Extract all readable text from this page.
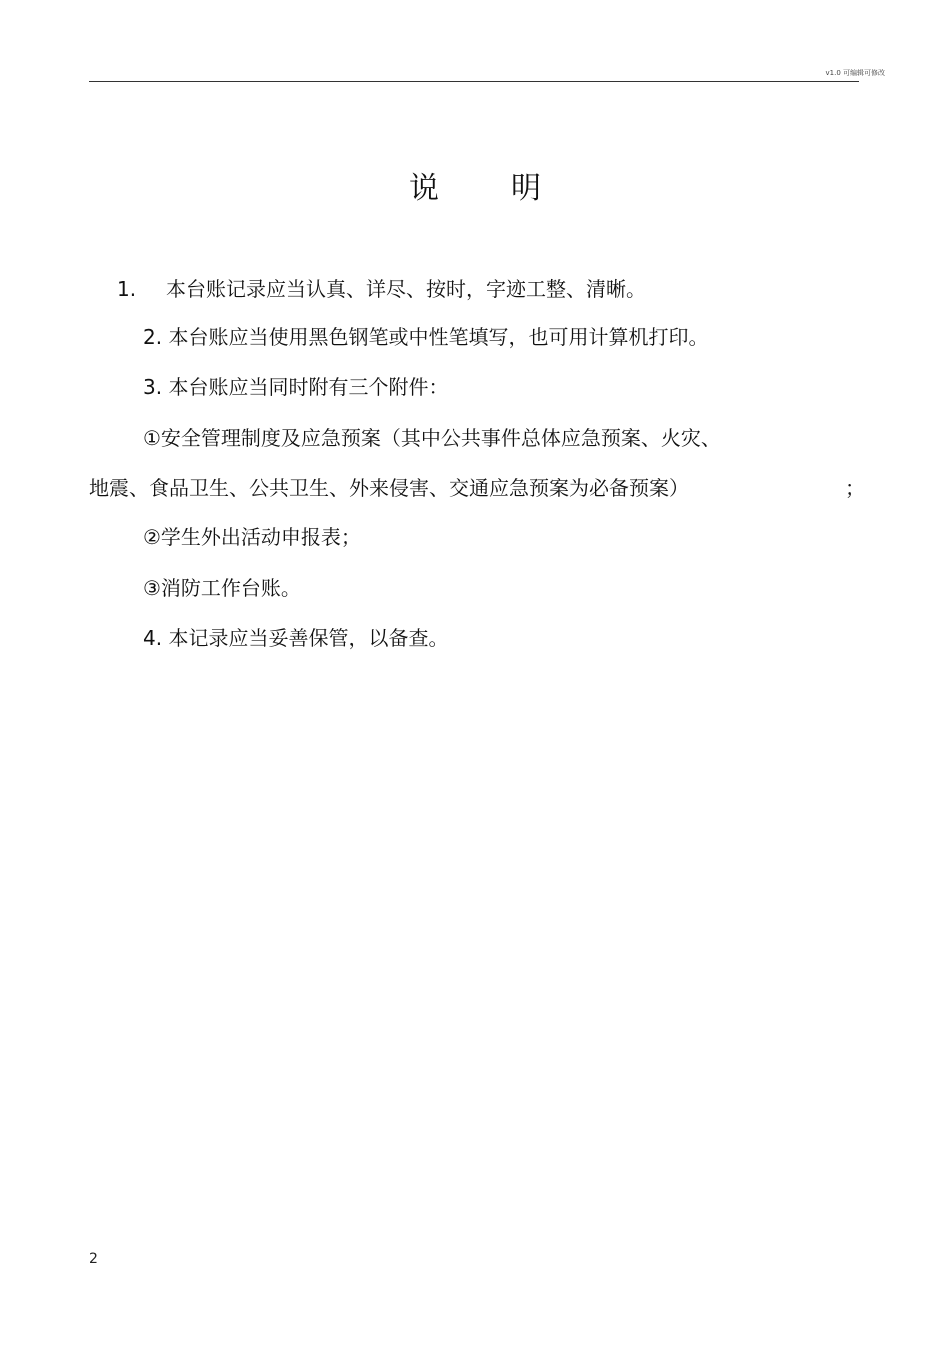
v1.0 可编辑可修改
说明
1. 本台账记录应当认真、详尽、按时，字迹工整、清晰。
2. 本台账应当使用黑色钢笔或中性笔填写，也可用计算机打印。
3. 本台账应当同时附有三个附件：
①安全管理制度及应急预案（其中公共事件总体应急预案、火灾、
地震、食品卫生、公共卫生、外来侵害、交通应急预案为必备预案）	；
②学生外出活动申报表；
③消防工作台账。
4. 本记录应当妥善保管，以备查。
2
